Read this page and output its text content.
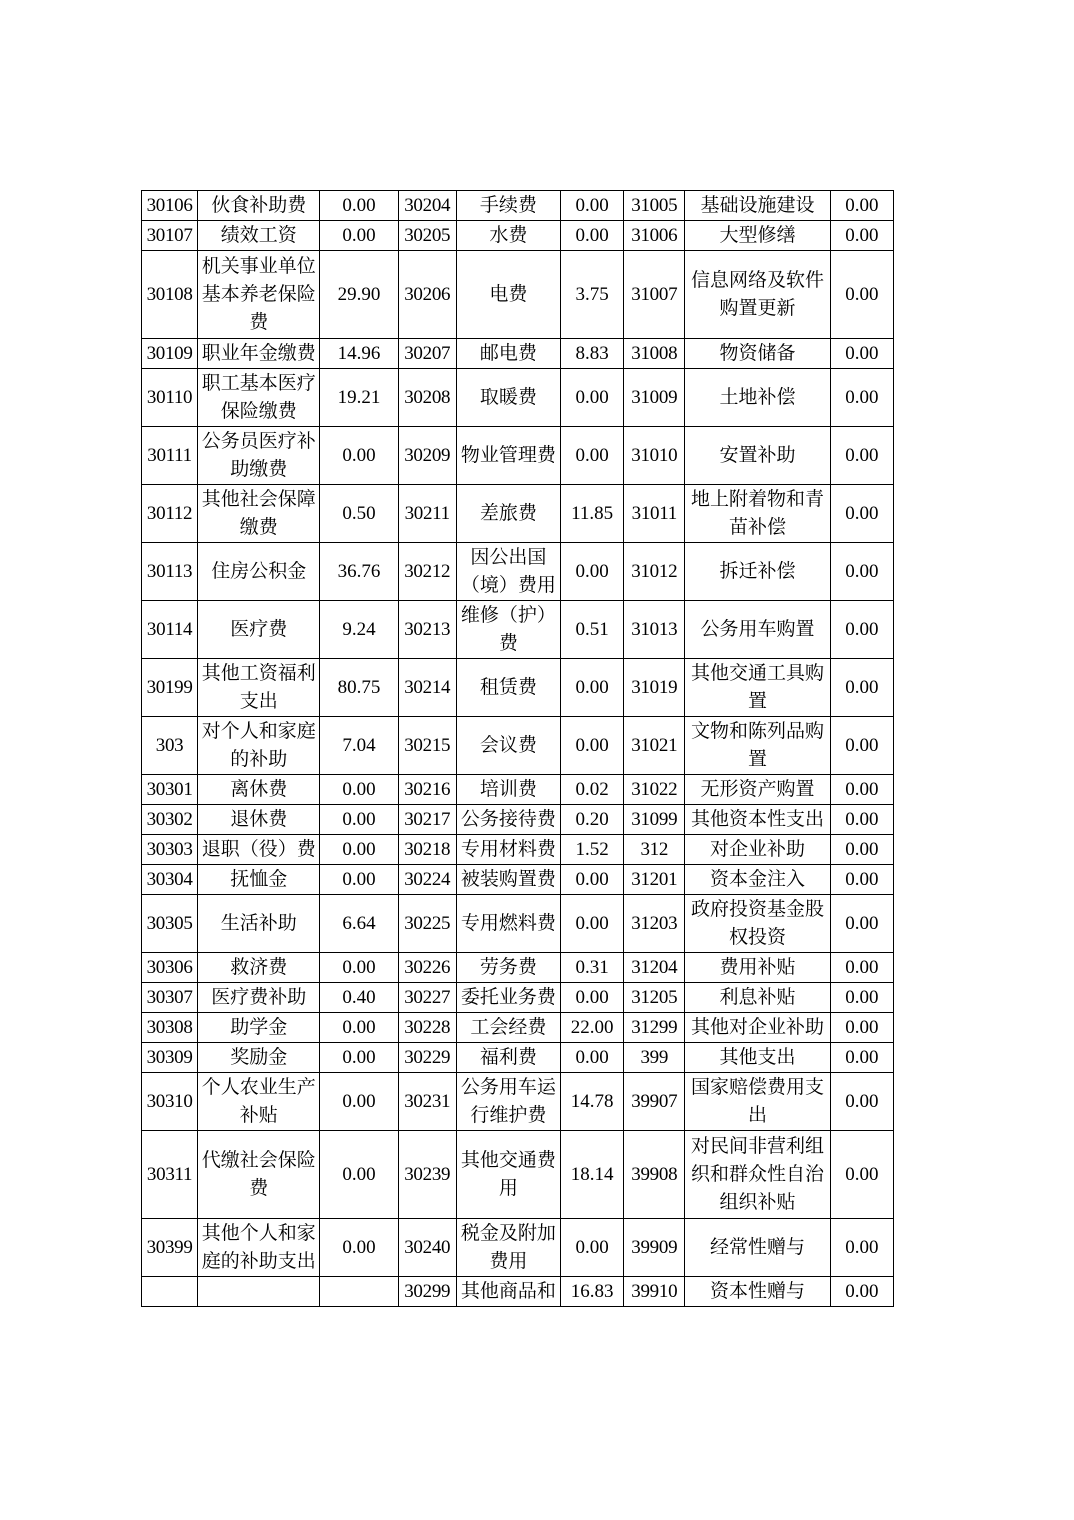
30106	伙食补助费	0.00	30204	手续费	0.00	31005	基础设施建设	0.00
30107	绩效工资	0.00	30205	水费	0.00	31006	大型修缮	0.00
30108	机关事业单位基本养老保险费	29.90	30206	电费	3.75	31007	信息网络及软件购置更新	0.00
30109	职业年金缴费	14.96	30207	邮电费	8.83	31008	物资储备	0.00
30110	职工基本医疗保险缴费	19.21	30208	取暖费	0.00	31009	土地补偿	0.00
30111	公务员医疗补助缴费	0.00	30209	物业管理费	0.00	31010	安置补助	0.00
30112	其他社会保障缴费	0.50	30211	差旅费	11.85	31011	地上附着物和青苗补偿	0.00
30113	住房公积金	36.76	30212	因公出国（境）费用	0.00	31012	拆迁补偿	0.00
30114	医疗费	9.24	30213	维修（护）费	0.51	31013	公务用车购置	0.00
30199	其他工资福利支出	80.75	30214	租赁费	0.00	31019	其他交通工具购置	0.00
303	对个人和家庭的补助	7.04	30215	会议费	0.00	31021	文物和陈列品购置	0.00
30301	离休费	0.00	30216	培训费	0.02	31022	无形资产购置	0.00
30302	退休费	0.00	30217	公务接待费	0.20	31099	其他资本性支出	0.00
30303	退职（役）费	0.00	30218	专用材料费	1.52	312	对企业补助	0.00
30304	抚恤金	0.00	30224	被装购置费	0.00	31201	资本金注入	0.00
30305	生活补助	6.64	30225	专用燃料费	0.00	31203	政府投资基金股权投资	0.00
30306	救济费	0.00	30226	劳务费	0.31	31204	费用补贴	0.00
30307	医疗费补助	0.40	30227	委托业务费	0.00	31205	利息补贴	0.00
30308	助学金	0.00	30228	工会经费	22.00	31299	其他对企业补助	0.00
30309	奖励金	0.00	30229	福利费	0.00	399	其他支出	0.00
30310	个人农业生产补贴	0.00	30231	公务用车运行维护费	14.78	39907	国家赔偿费用支出	0.00
30311	代缴社会保险费	0.00	30239	其他交通费用	18.14	39908	对民间非营利组织和群众性自治组织补贴	0.00
30399	其他个人和家庭的补助支出	0.00	30240	税金及附加费用	0.00	39909	经常性赠与	0.00
			30299	其他商品和	16.83	39910	资本性赠与	0.00
